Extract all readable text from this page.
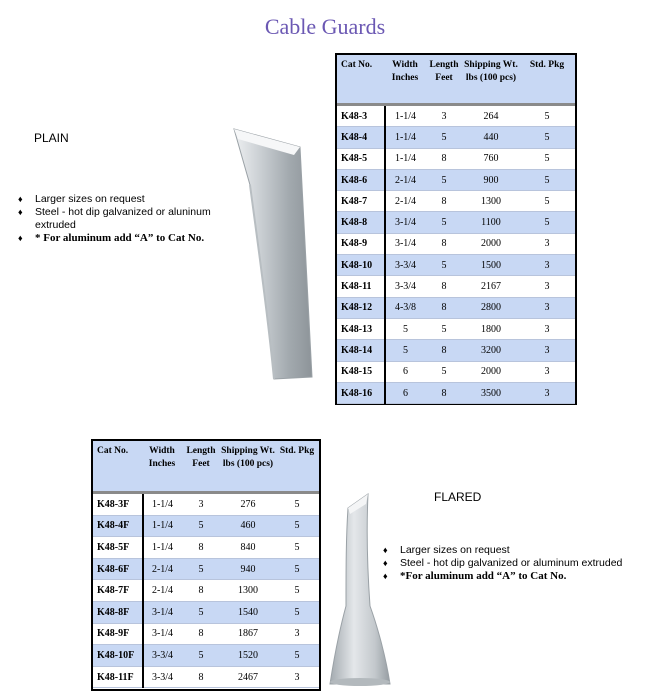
Cable Guards
PLAIN
♦ Larger sizes on request
♦ Steel - hot dip galvanized or aluninum extruded
♦ * For aluminum add “A” to Cat No.
Cat No.	Width Inches	Length Feet	Shipping Wt. lbs (100 pcs)	Std. Pkg

K48-3	1-1/4	3	264	5
K48-4	1-1/4	5	440	5
K48-5	1-1/4	8	760	5
K48-6	2-1/4	5	900	5
K48-7	2-1/4	8	1300	5
K48-8	3-1/4	5	1100	5
K48-9	3-1/4	8	2000	3
K48-10	3-3/4	5	1500	3
K48-11	3-3/4	8	2167	3
K48-12	4-3/8	8	2800	3
K48-13	5	5	1800	3
K48-14	5	8	3200	3
K48-15	6	5	2000	3
K48-16	6	8	3500	3
Cat No.	Width Inches	Length Feet	Shipping Wt. lbs (100 pcs)	Std. Pkg

K48-3F	1-1/4	3	276	5
K48-4F	1-1/4	5	460	5
K48-5F	1-1/4	8	840	5
K48-6F	2-1/4	5	940	5
K48-7F	2-1/4	8	1300	5
K48-8F	3-1/4	5	1540	5
K48-9F	3-1/4	8	1867	3
K48-10F	3-3/4	5	1520	5
K48-11F	3-3/4	8	2467	3
FLARED
♦ Larger sizes on request
♦ Steel - hot dip galvanized or aluminum extruded
♦ *For aluminum add “A” to Cat No.
